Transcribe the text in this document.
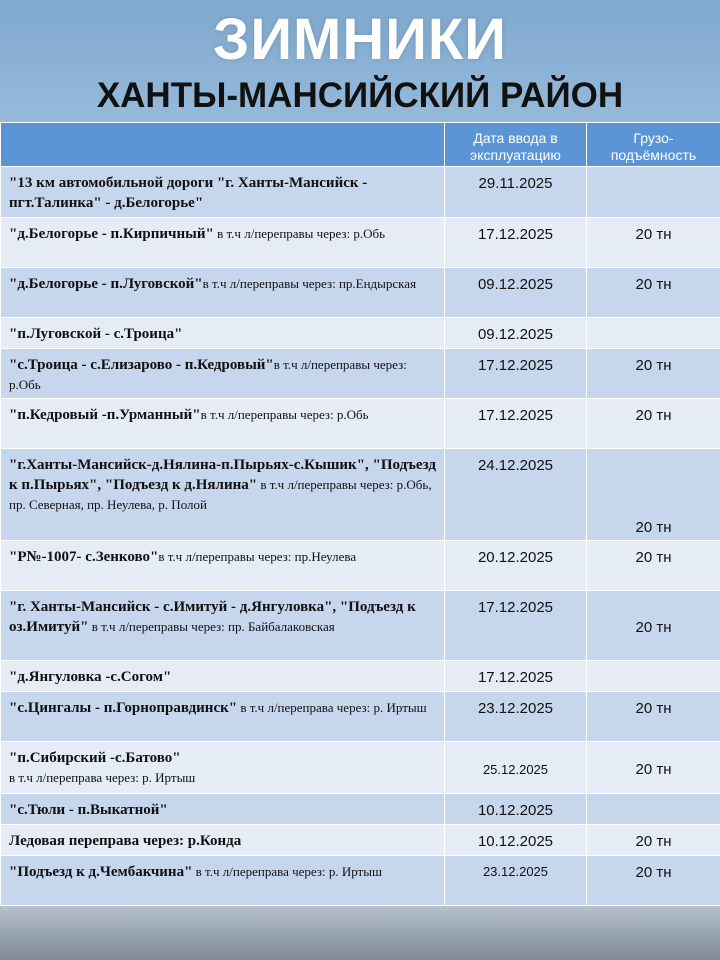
ЗИМНИКИ
ХАНТЫ-МАНСИЙСКИЙ РАЙОН
	Дата ввода в эксплуатацию	Грузо-подъёмность
"13 км автомобильной дороги "г. Ханты-Мансийск - пгт.Талинка" - д.Белогорье"	29.11.2025	
"д.Белогорье - п.Кирпичный" в т.ч л/переправы через: р.Обь	17.12.2025	20 тн
"д.Белогорье - п.Луговской"в т.ч л/переправы через: пр.Ендырская	09.12.2025	20 тн
"п.Луговской - с.Троица"	09.12.2025	
"с.Троица - с.Елизарово - п.Кедровый"в т.ч л/переправы через: р.Обь	17.12.2025	20 тн
"п.Кедровый -п.Урманный"в т.ч л/переправы через: р.Обь	17.12.2025	20 тн
"г.Ханты-Мансийск-д.Нялина-п.Пырьях-с.Кышик", "Подъезд к п.Пырьях", "Подъезд к д.Нялина" в т.ч л/переправы через: р.Обь, пр. Северная, пр. Неулева, р. Полой	24.12.2025	20 тн
"Р№-1007- с.Зенково"в т.ч л/переправы через: пр.Неулева	20.12.2025	20 тн
"г. Ханты-Мансийск - с.Имитуй - д.Янгуловка", "Подъезд к оз.Имитуй" в т.ч л/переправы через: пр. Байбалаковская	17.12.2025	20 тн
"д.Янгуловка -с.Согом"	17.12.2025	
"с.Цингалы - п.Горноправдинск" в т.ч л/переправа через: р. Иртыш	23.12.2025	20 тн
"п.Сибирский -с.Батово"
в т.ч л/переправа через: р. Иртыш	25.12.2025	20 тн
"с.Тюли - п.Выкатной"	10.12.2025	
Ледовая переправа через: р.Конда	10.12.2025	20 тн
"Подъезд к д.Чембакчина" в т.ч л/переправа через: р. Иртыш	23.12.2025	20 тн
